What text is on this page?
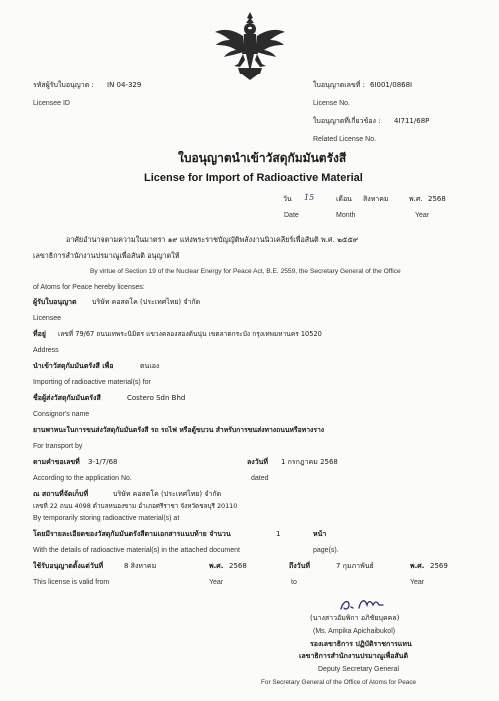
รหัสผู้รับใบอนุญาต : IN 04-329
Licensee ID
ใบอนุญาตเลขที่ : 6I001/0868I
License No.
ใบอนุญาตที่เกี่ยวข้อง : 4I711/68P
Related License No.
ใบอนุญาตนำเข้าวัสดุกัมมันตรังสี
License for Import of Radioactive Material
วัน 15	เดือน สิงหาคม	พ.ศ. 2568
Date	Month	Year
อาศัยอำนาจตามความในมาตรา ๑๙ แห่งพระราชบัญญัติพลังงานนิวเคลียร์เพื่อสันติ พ.ศ. ๒๕๕๙
เลขาธิการสำนักงานปรมาณูเพื่อสันติ อนุญาตให้
By virtue of Section 19 of the Nuclear Energy for Peace Act, B.E. 2559, the Secretary General of the Office
of Atoms for Peace hereby licenses:
ผู้รับใบอนุญาต บริษัท คอสตโค (ประเทศไทย) จำกัด
Licensee
ที่อยู่ เลขที่ 79/67 ถนนเทพระนิมิตร แขวงคลองสองต้นนุ่น เขตลาดกระบัง กรุงเทพมหานคร 10520
Address
นำเข้าวัสดุกัมมันตรังสี เพื่อ	ตนเอง
Importing of radioactive material(s) for
ชื่อผู้ส่งวัสดุกัมมันตรังสี	Costero Sdn Bhd
Consignor's name
ยานพาหนะในการขนส่งวัสดุกัมมันตรังสี รถ รถไฟ หรือตู้ขบวน สำหรับการขนส่งทางถนนหรือทางราง
For transport by
ตามคำขอเลขที่ 3-1/7/68	ลงวันที่ 1 กรกฎาคม 2568
According to the application No.	dated
ณ สถานที่จัดเก็บที่	บริษัท คอสตโค (ประเทศไทย) จำกัด
เลขที่ 22 ถนน 4098 ตำบลหนองขาม อำเภอศรีราชา จังหวัดชลบุรี 20110
By temporarily storing radioactive material(s) at
โดยมีรายละเอียดของวัสดุกัมมันตรังสีตามเอกสารแนบท้าย จำนวน	1	หน้า
With the details of radioactive material(s) in the attached document	page(s).
ใช้รับอนุญาตตั้งแต่วันที่	8 สิงหาคม	พ.ศ. 2568	ถึงวันที่	7 กุมภาพันธ์	พ.ศ. 2569
This license is valid from	Year	to	Year
(นางสาวอัมพิกา อภิชัยบุคคล)
(Ms. Ampika Apichaibukol)
รองเลขาธิการ ปฏิบัติราชการแทน
เลขาธิการสำนักงานปรมาณูเพื่อสันติ
Deputy Secretary General
For Secretary General of the Office of Atoms for Peace
